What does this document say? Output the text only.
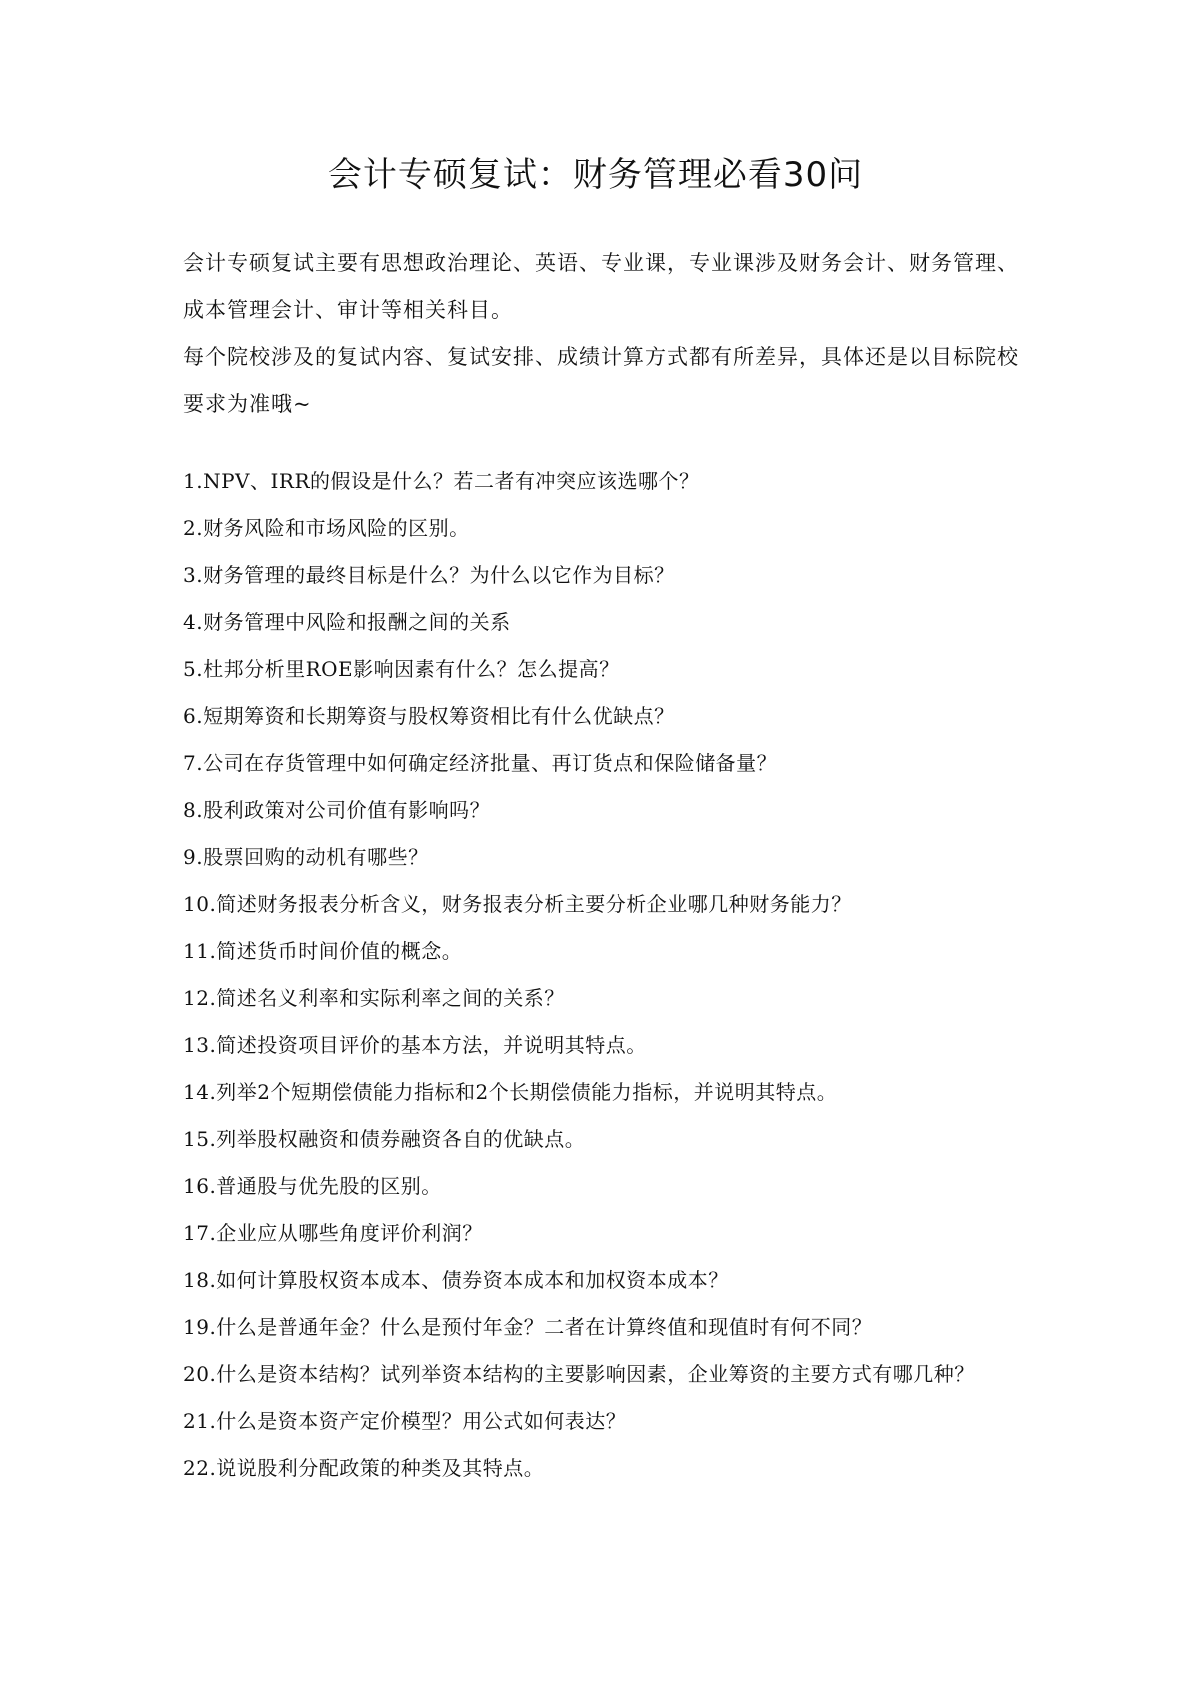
会计专硕复试：财务管理必看30问

会计专硕复试主要有思想政治理论、英语、专业课，专业课涉及财务会计、财务管理、成本管理会计、审计等相关科目。

每个院校涉及的复试内容、复试安排、成绩计算方式都有所差异，具体还是以目标院校要求为准哦~

1.NPV、IRR的假设是什么？若二者有冲突应该选哪个？
2.财务风险和市场风险的区别。
3.财务管理的最终目标是什么？为什么以它作为目标？
4.财务管理中风险和报酬之间的关系
5.杜邦分析里ROE影响因素有什么？怎么提高？
6.短期筹资和长期筹资与股权筹资相比有什么优缺点？
7.公司在存货管理中如何确定经济批量、再订货点和保险储备量？
8.股利政策对公司价值有影响吗？
9.股票回购的动机有哪些？
10.简述财务报表分析含义，财务报表分析主要分析企业哪几种财务能力？
11.简述货币时间价值的概念。
12.简述名义利率和实际利率之间的关系？
13.简述投资项目评价的基本方法，并说明其特点。
14.列举2个短期偿债能力指标和2个长期偿债能力指标，并说明其特点。
15.列举股权融资和债券融资各自的优缺点。
16.普通股与优先股的区别。
17.企业应从哪些角度评价利润？
18.如何计算股权资本成本、债券资本成本和加权资本成本？
19.什么是普通年金？什么是预付年金？二者在计算终值和现值时有何不同？
20.什么是资本结构？试列举资本结构的主要影响因素，企业筹资的主要方式有哪几种？
21.什么是资本资产定价模型？用公式如何表达？
22.说说股利分配政策的种类及其特点。
